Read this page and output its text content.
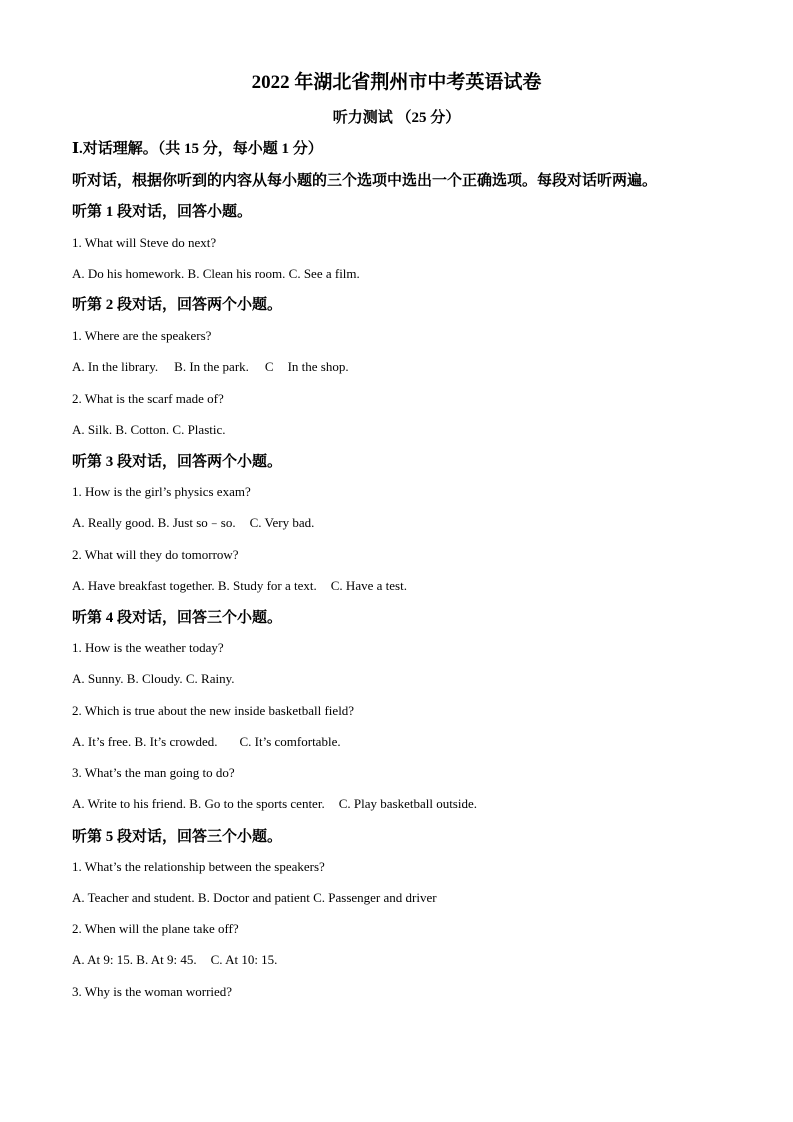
2022 年湖北省荆州市中考英语试卷
听力测试 （25 分）
Ⅰ.对话理解。（共 15 分，每小题 1 分）
听对话，根据你听到的内容从每小题的三个选项中选出一个正确选项。每段对话听两遍。
听第 1 段对话，回答小题。
1. What will Steve do next?
A. Do his homework. B. Clean his room. C. See a film.
听第 2 段对话，回答两个小题。
1. Where are the speakers?
A. In the library. B. In the park. C In the shop.
2. What is the scarf made of?
A. Silk. B. Cotton. C. Plastic.
听第 3 段对话，回答两个小题。
1. How is the girl’s physics exam?
A. Really good. B. Just so﹣so. C. Very bad.
2. What will they do tomorrow?
A. Have breakfast together. B. Study for a text. C. Have a test.
听第 4 段对话，回答三个小题。
1. How is the weather today?
A. Sunny. B. Cloudy. C. Rainy.
2. Which is true about the new inside basketball field?
A. It’s free. B. It’s crowded. C. It’s comfortable.
3. What’s the man going to do?
A. Write to his friend. B. Go to the sports center. C. Play basketball outside.
听第 5 段对话，回答三个小题。
1. What’s the relationship between the speakers?
A. Teacher and student. B. Doctor and patient C. Passenger and driver
2. When will the plane take off?
A. At 9: 15. B. At 9: 45. C. At 10: 15.
3. Why is the woman worried?
